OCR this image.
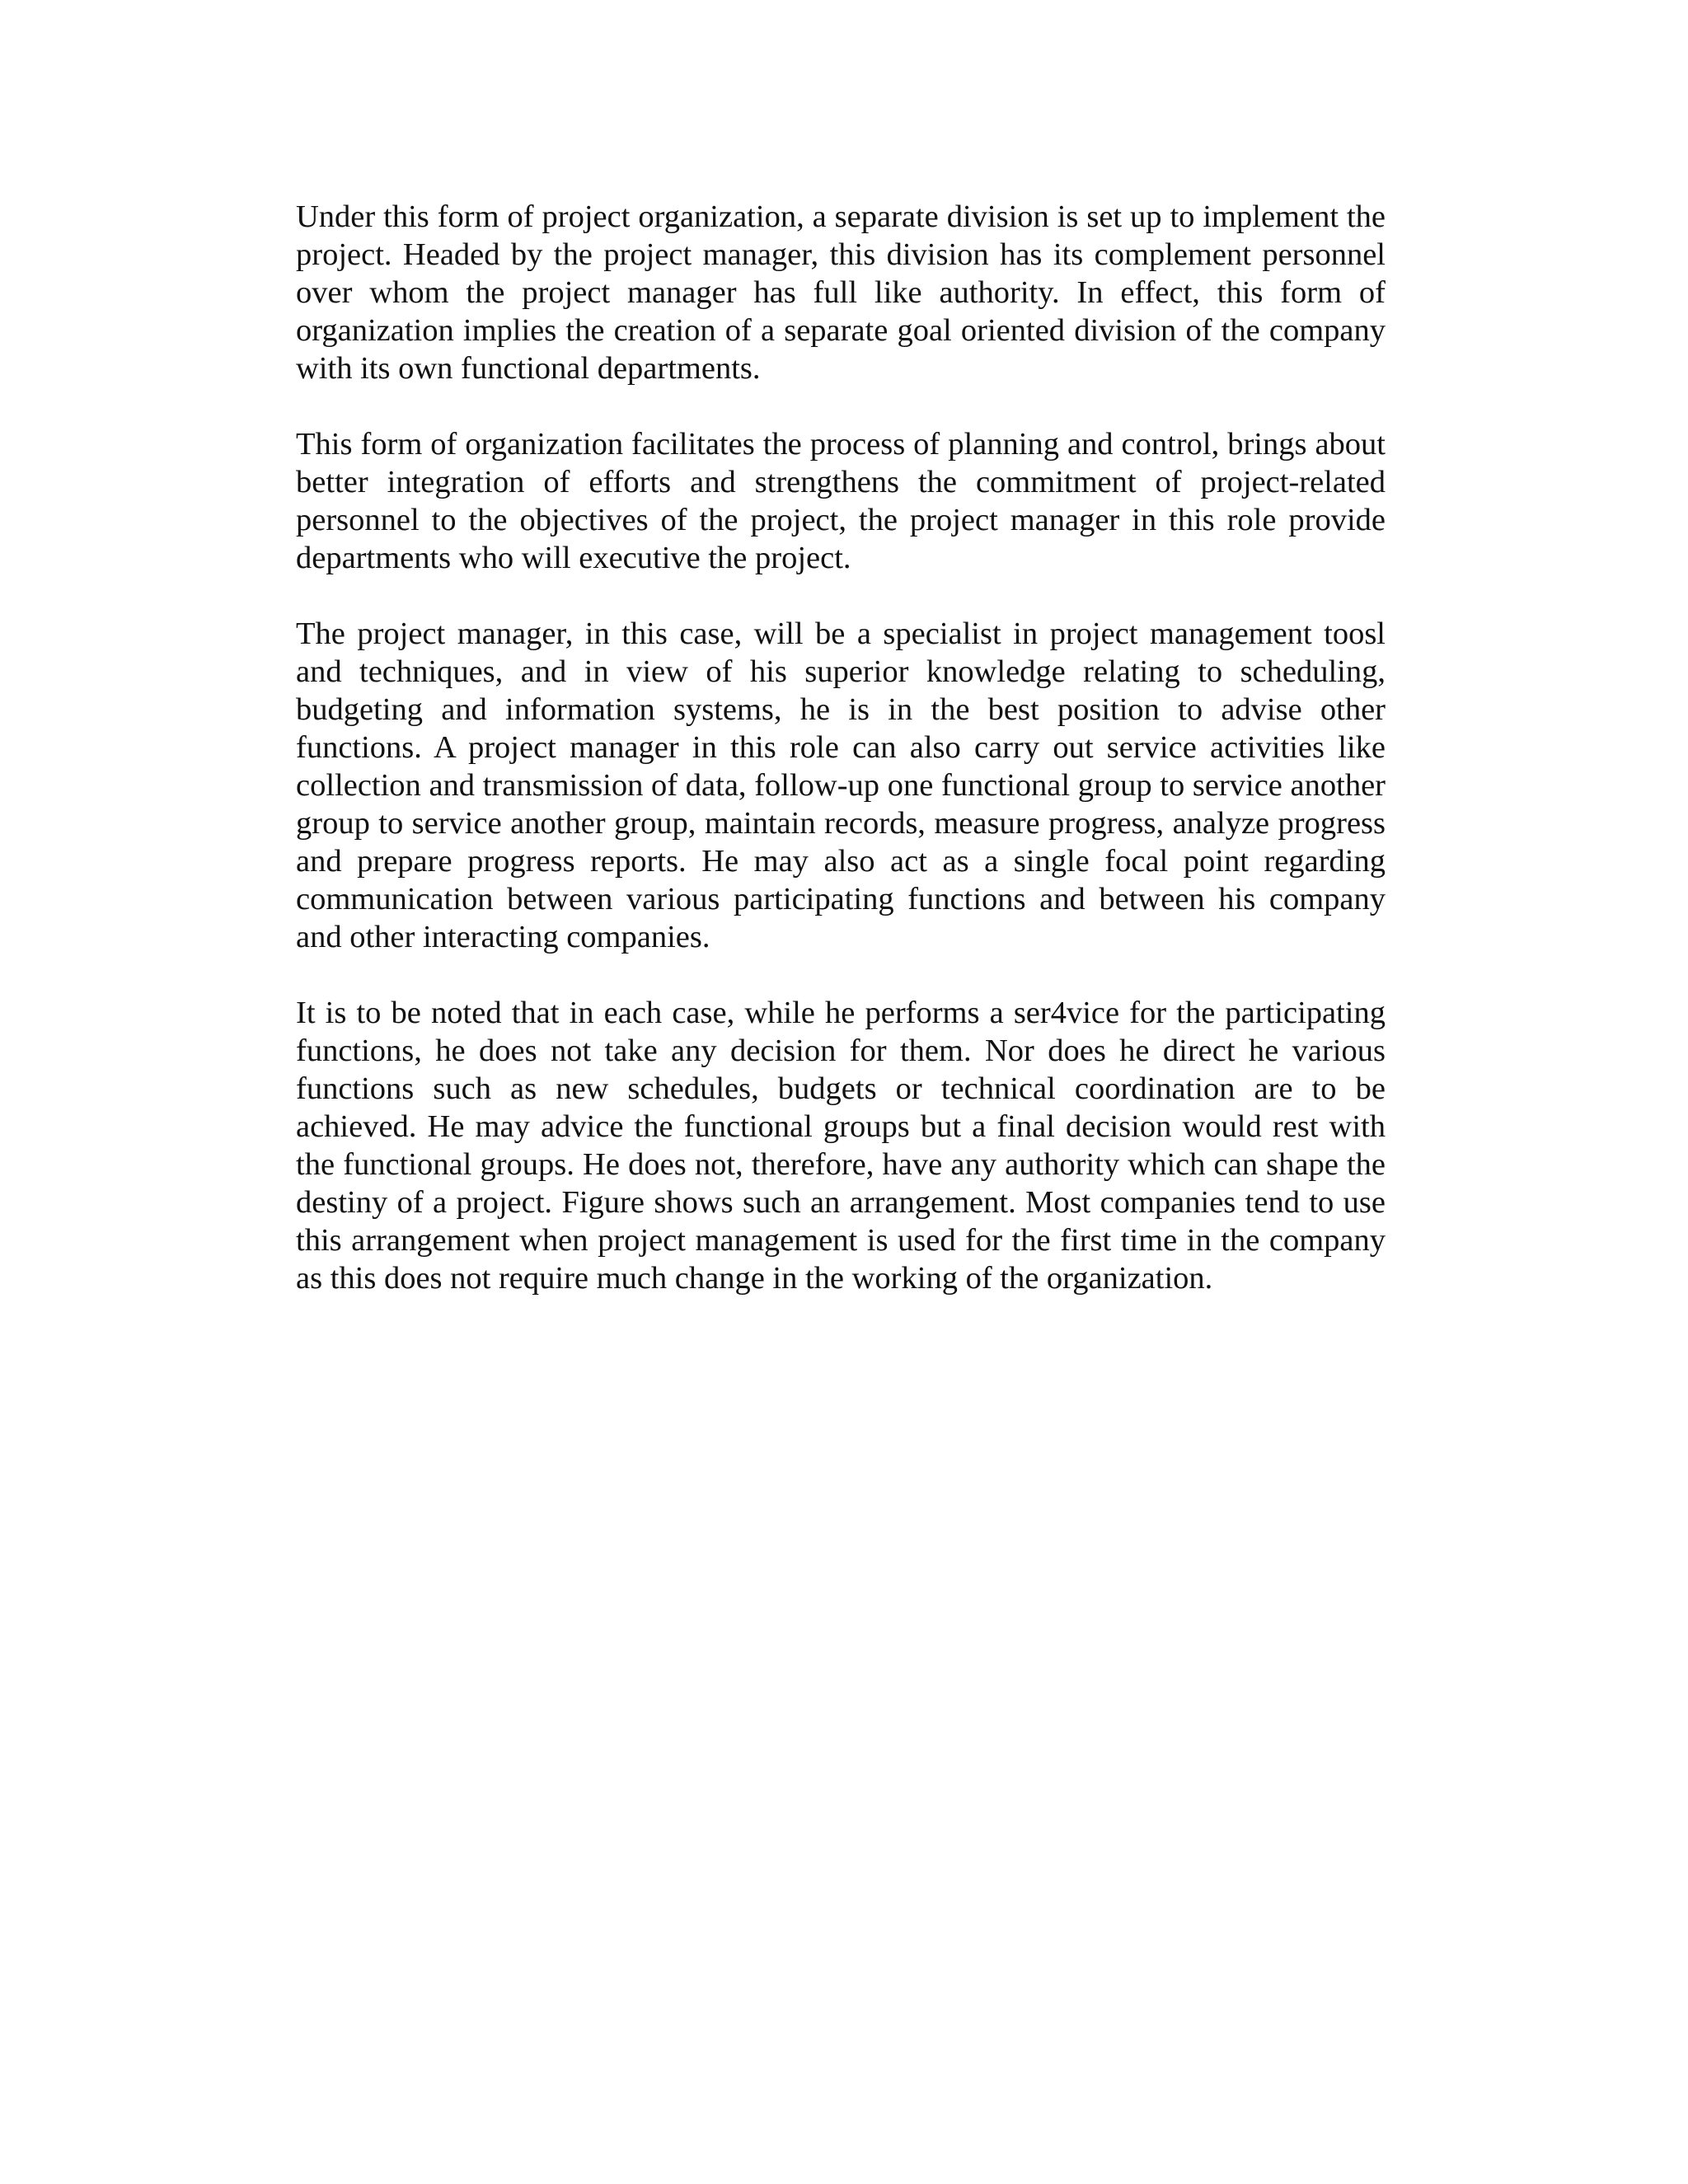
Under this form of project organization, a separate division is set up to implement the project. Headed by the project manager, this division has its complement personnel over whom the project manager has full like authority. In effect, this form of organization implies the creation of a separate goal oriented division of the company with its own functional departments.

This form of organization facilitates the process of planning and control, brings about better integration of efforts and strengthens the commitment of project-related personnel to the objectives of the project, the project manager in this role provide departments who will executive the project.

The project manager, in this case, will be a specialist in project management toosl and techniques, and in view of his superior knowledge relating to scheduling, budgeting and information systems, he is in the best position to advise other functions. A project manager in this role can also carry out service activities like collection and transmission of data, follow-up one functional group to service another group to service another group, maintain records, measure progress, analyze progress and prepare progress reports. He may also act as a single focal point regarding communication between various participating functions and between his company and other interacting companies.

It is to be noted that in each case, while he performs a ser4vice for the participating functions, he does not take any decision for them. Nor does he direct he various functions such as new schedules, budgets or technical coordination are to be achieved. He may advice the functional groups but a final decision would rest with the functional groups. He does not, therefore, have any authority which can shape the destiny of a project. Figure shows such an arrangement. Most companies tend to use this arrangement when project management is used for the first time in the company as this does not require much change in the working of the organization.
